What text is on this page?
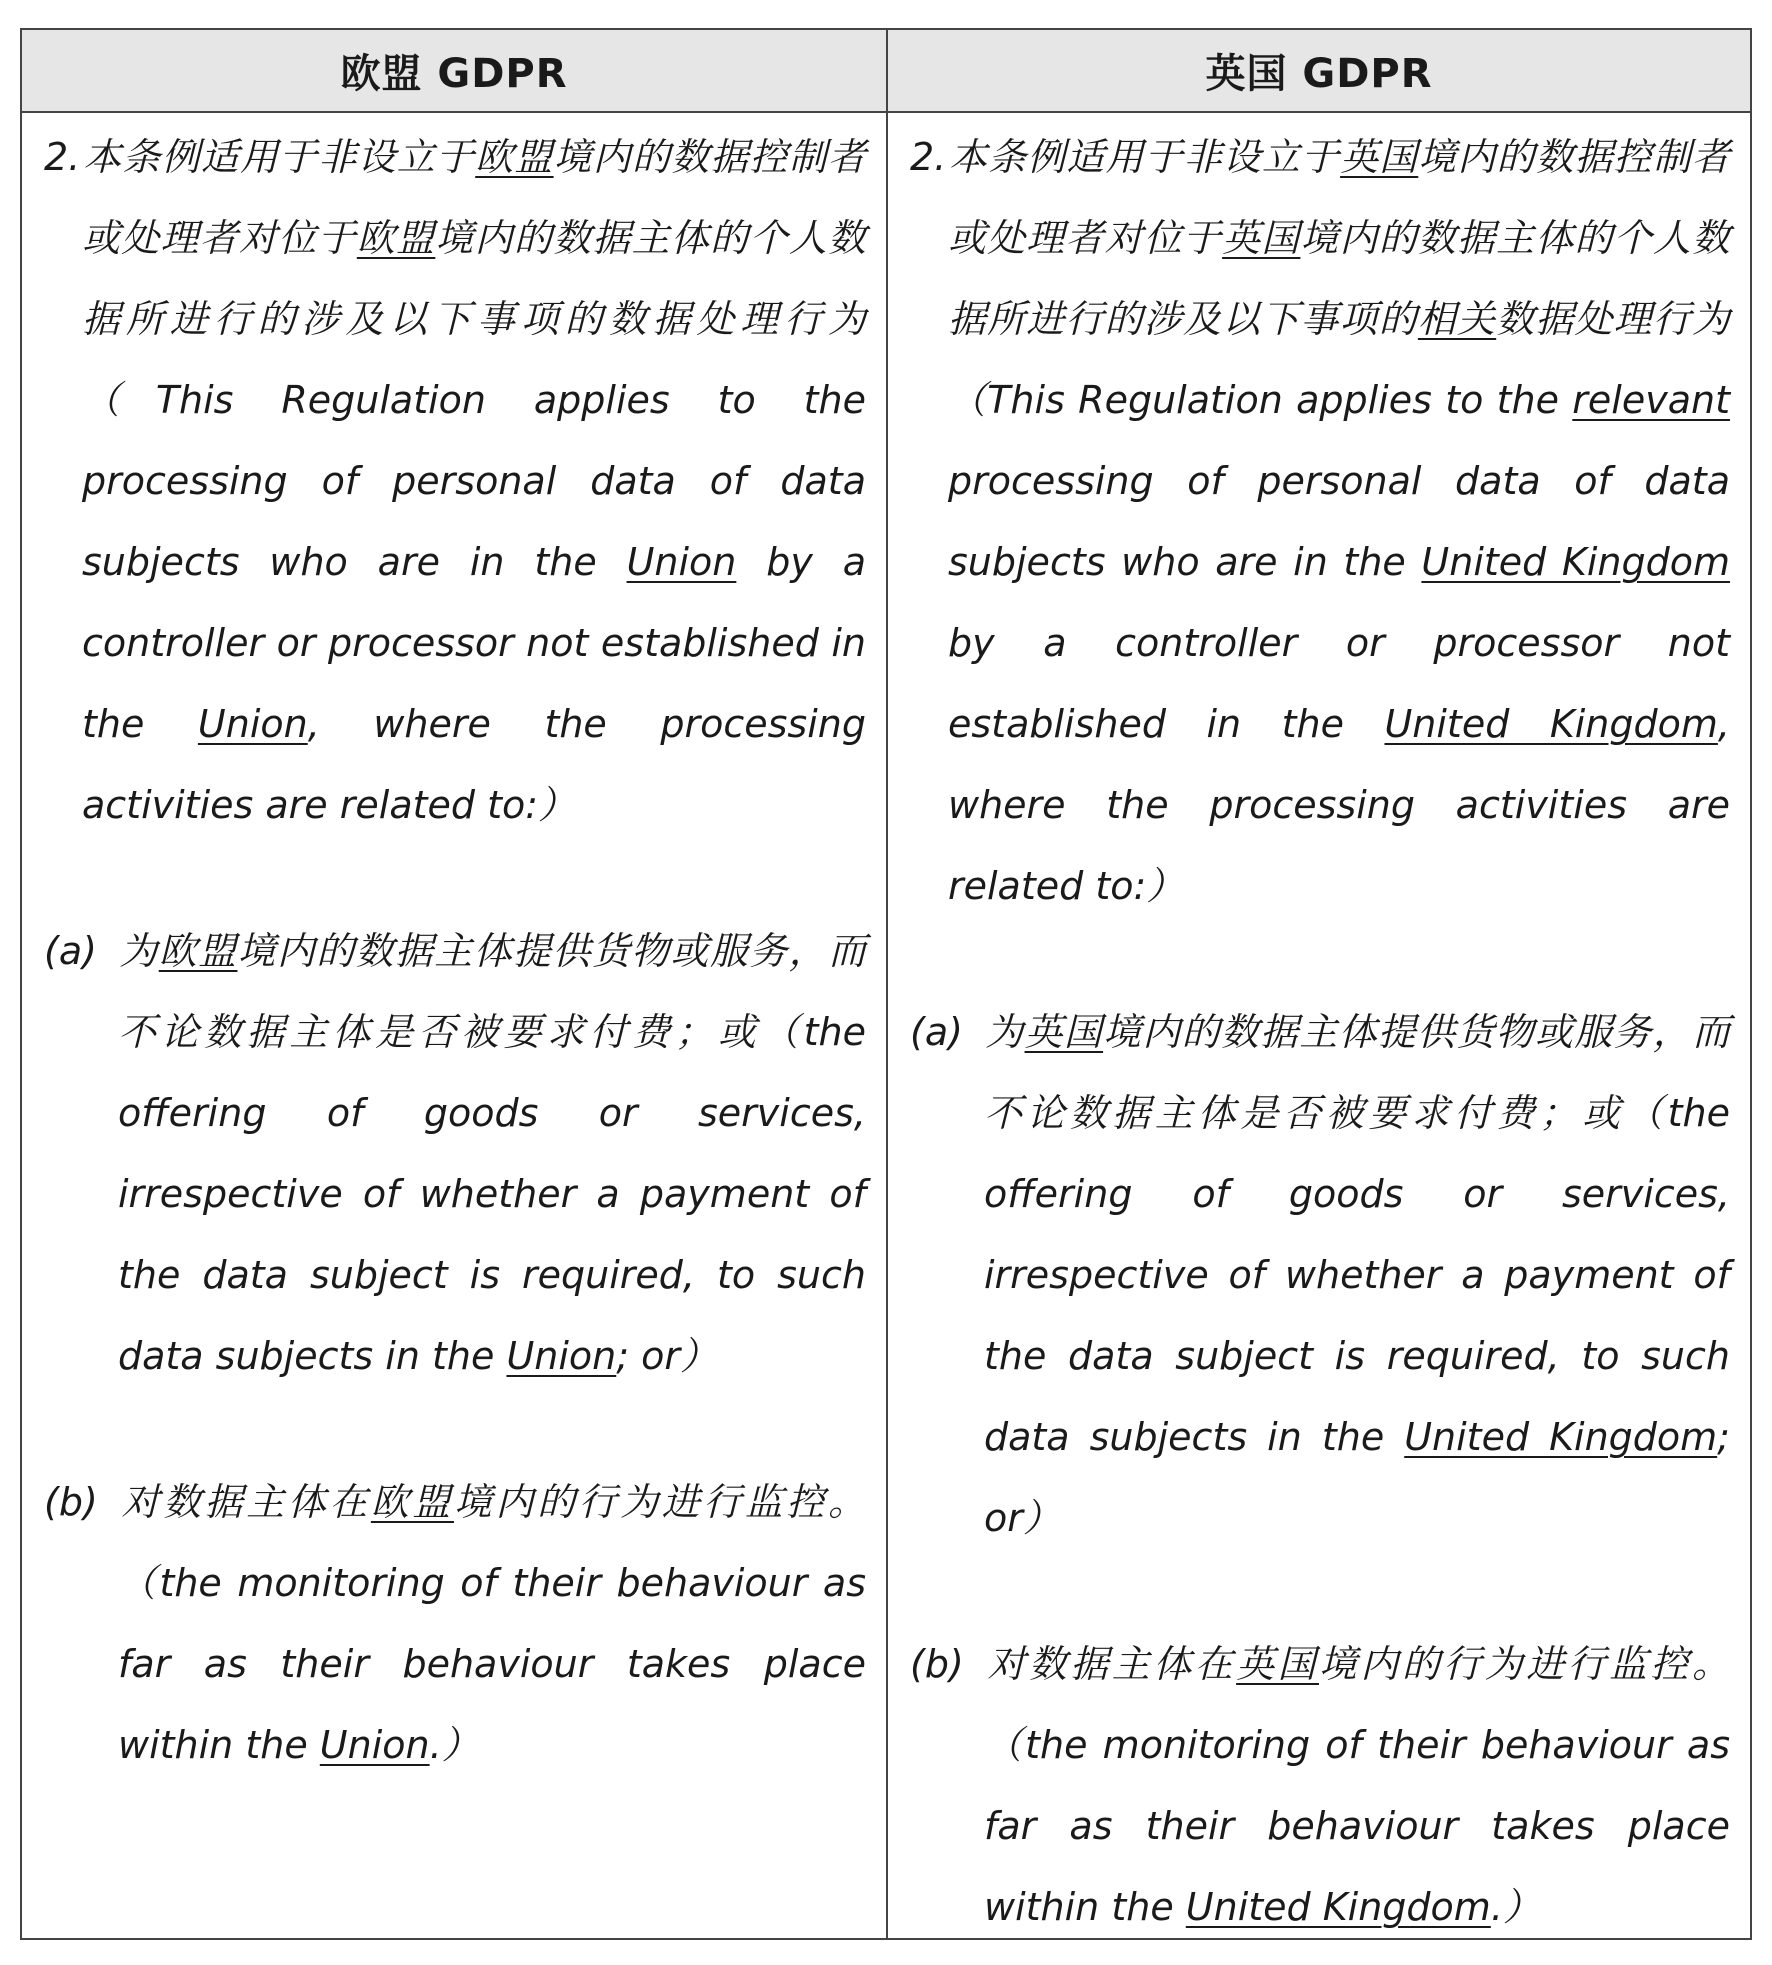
欧盟 GDPR	英国 GDPR

2.本条例适用于非设立于欧盟境内的数据控制者或处理者对位于欧盟境内的数据主体的个人数据所进行的涉及以下事项的数据处理行为（This Regulation applies to the processing of personal data of data subjects who are in the Union by a controller or processor not established in the Union, where the processing activities are related to:）

(a) 为欧盟境内的数据主体提供货物或服务，而不论数据主体是否被要求付费；或（the offering of goods or services, irrespective of whether a payment of the data subject is required, to such data subjects in the Union; or）

(b) 对数据主体在欧盟境内的行为进行监控。（the monitoring of their behaviour as far as their behaviour takes place within the Union.）

2.本条例适用于非设立于英国境内的数据控制者或处理者对位于英国境内的数据主体的个人数据所进行的涉及以下事项的相关数据处理行为（This Regulation applies to the relevant processing of personal data of data subjects who are in the United Kingdom by a controller or processor not established in the United Kingdom, where the processing activities are related to:）

(a) 为英国境内的数据主体提供货物或服务，而不论数据主体是否被要求付费；或（the offering of goods or services, irrespective of whether a payment of the data subject is required, to such data subjects in the United Kingdom; or）

(b) 对数据主体在英国境内的行为进行监控。（the monitoring of their behaviour as far as their behaviour takes place within the United Kingdom.）
